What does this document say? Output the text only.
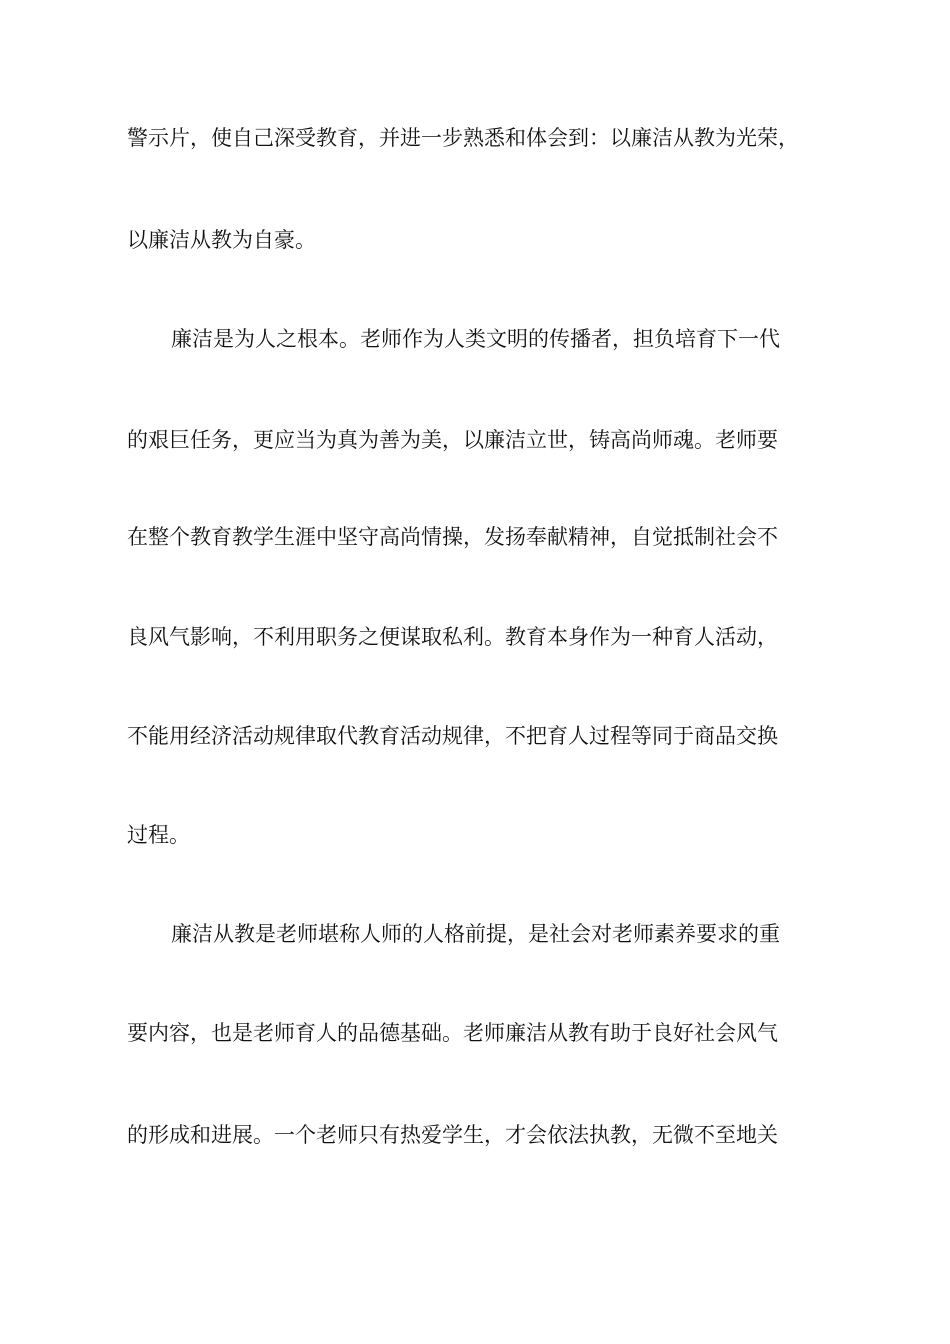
警示片，使自己深受教育，并进一步熟悉和体会到：以廉洁从教为光荣，

以廉洁从教为自豪。

廉洁是为人之根本。老师作为人类文明的传播者，担负培育下一代

的艰巨任务，更应当为真为善为美，以廉洁立世，铸高尚师魂。老师要

在整个教育教学生涯中坚守高尚情操，发扬奉献精神，自觉抵制社会不

良风气影响，不利用职务之便谋取私利。教育本身作为一种育人活动，

不能用经济活动规律取代教育活动规律，不把育人过程等同于商品交换

过程。

廉洁从教是老师堪称人师的人格前提，是社会对老师素养要求的重

要内容，也是老师育人的品德基础。老师廉洁从教有助于良好社会风气

的形成和进展。一个老师只有热爱学生，才会依法执教，无微不至地关
